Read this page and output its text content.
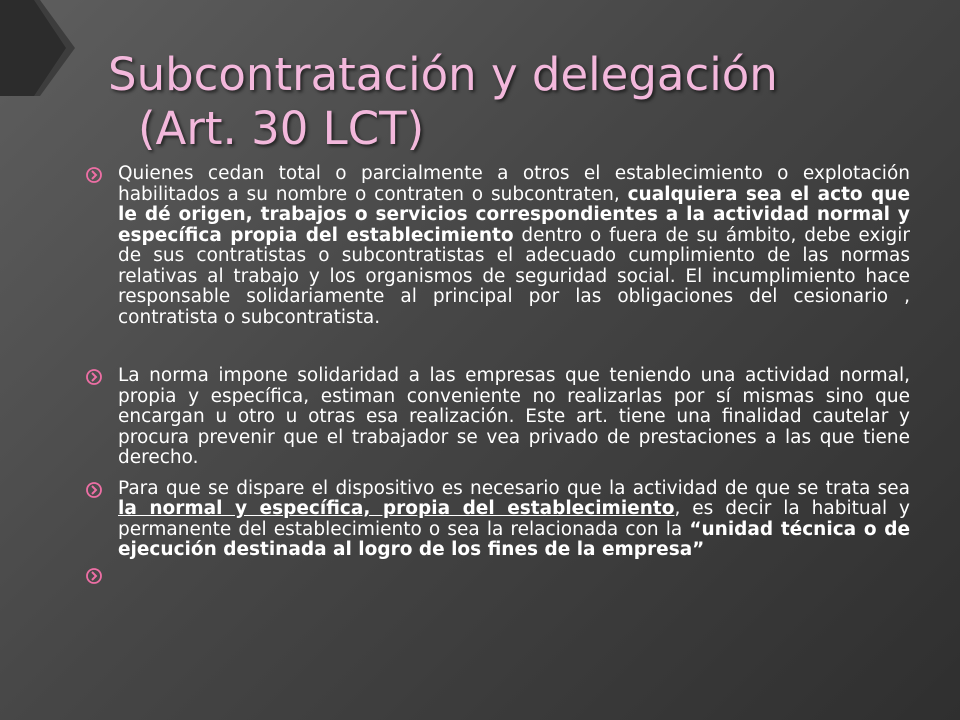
Subcontratación y delegación
(Art. 30 LCT)

Quienes cedan total o parcialmente a otros el establecimiento o explotación habilitados a su nombre o contraten o subcontraten, cualquiera sea el acto que le dé origen, trabajos o servicios correspondientes a la actividad normal y específica propia del establecimiento dentro o fuera de su ámbito, debe exigir de sus contratistas o subcontratistas el adecuado cumplimiento de las normas relativas al trabajo y los organismos de seguridad social. El incumplimiento hace responsable solidariamente al principal por las obligaciones del cesionario , contratista o subcontratista.

La norma impone solidaridad a las empresas que teniendo una actividad normal, propia y específica, estiman conveniente no realizarlas por sí mismas sino que encargan u otro u otras esa realización. Este art. tiene una finalidad cautelar y procura prevenir que el trabajador se vea privado de prestaciones a las que tiene derecho.

Para que se dispare el dispositivo es necesario que la actividad de que se trata sea la normal y específica, propia del establecimiento, es decir la habitual y permanente del establecimiento o sea la relacionada con la “unidad técnica o de ejecución destinada al logro de los fines de la empresa”
